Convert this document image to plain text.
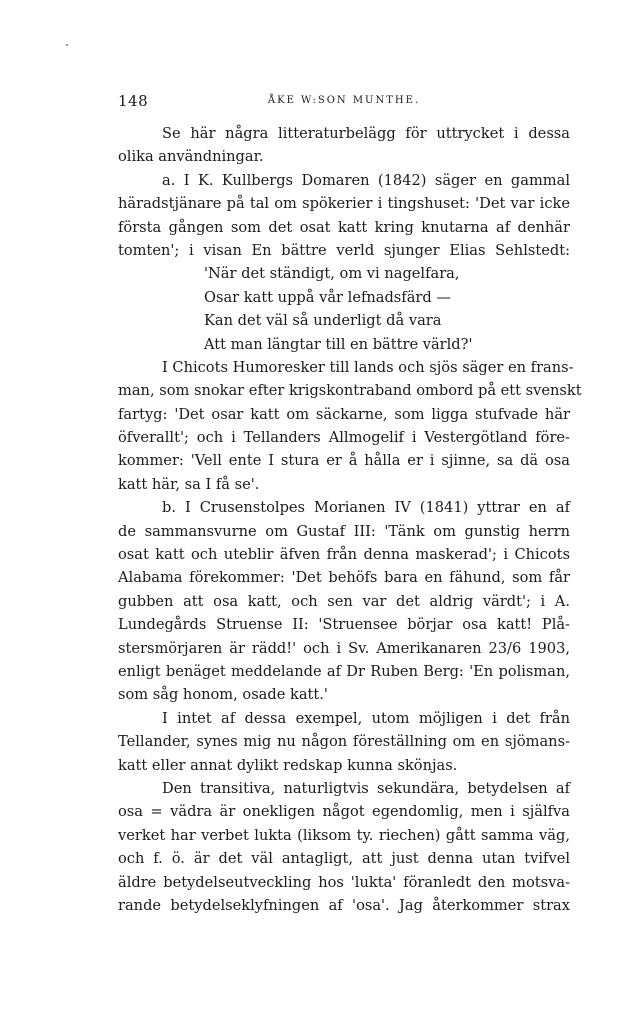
148	ÅKE W:SON MUNTHE.
Se här några litteraturbelägg för uttrycket i dessa
olika användningar.
a. I K. Kullbergs Domaren (1842) säger en gammal
häradstjänare på tal om spökerier i tingshuset: 'Det var icke
första gången som det osat katt kring knutarna af denhär
tomten'; i visan En bättre verld sjunger Elias Sehlstedt:
'När det ständigt, om vi nagelfara,
Osar katt uppå vår lefnadsfärd —
Kan det väl så underligt då vara
Att man längtar till en bättre värld?'
I Chicots Humoresker till lands och sjös säger en frans-
man, som snokar efter krigskontraband ombord på ett svenskt
fartyg: 'Det osar katt om säckarne, som ligga stufvade här
öfverallt'; och i Tellanders Allmogelif i Vestergötland före-
kommer: 'Vell ente I stura er å hålla er i sjinne, sa dä osa
katt här, sa I få se'.
b. I Crusenstolpes Morianen IV (1841) yttrar en af
de sammansvurne om Gustaf III: 'Tänk om gunstig herrn
osat katt och uteblir äfven från denna maskerad'; i Chicots
Alabama förekommer: 'Det behöfs bara en fähund, som får
gubben att osa katt, och sen var det aldrig värdt'; i A.
Lundegårds Struense II: 'Struensee börjar osa katt! Plå-
stersmörjaren är rädd!' och i Sv. Amerikanaren 23/6 1903,
enligt benäget meddelande af Dr Ruben Berg: 'En polisman,
som såg honom, osade katt.'
I intet af dessa exempel, utom möjligen i det från
Tellander, synes mig nu någon föreställning om en sjömans-
katt eller annat dylikt redskap kunna skönjas.
Den transitiva, naturligtvis sekundära, betydelsen af
osa = vädra är onekligen något egendomlig, men i själfva
verket har verbet lukta (liksom ty. riechen) gått samma väg,
och f. ö. är det väl antagligt, att just denna utan tvifvel
äldre betydelseutveckling hos 'lukta' föranledt den motsva-
rande betydelseklyfningen af 'osa'. Jag återkommer strax
